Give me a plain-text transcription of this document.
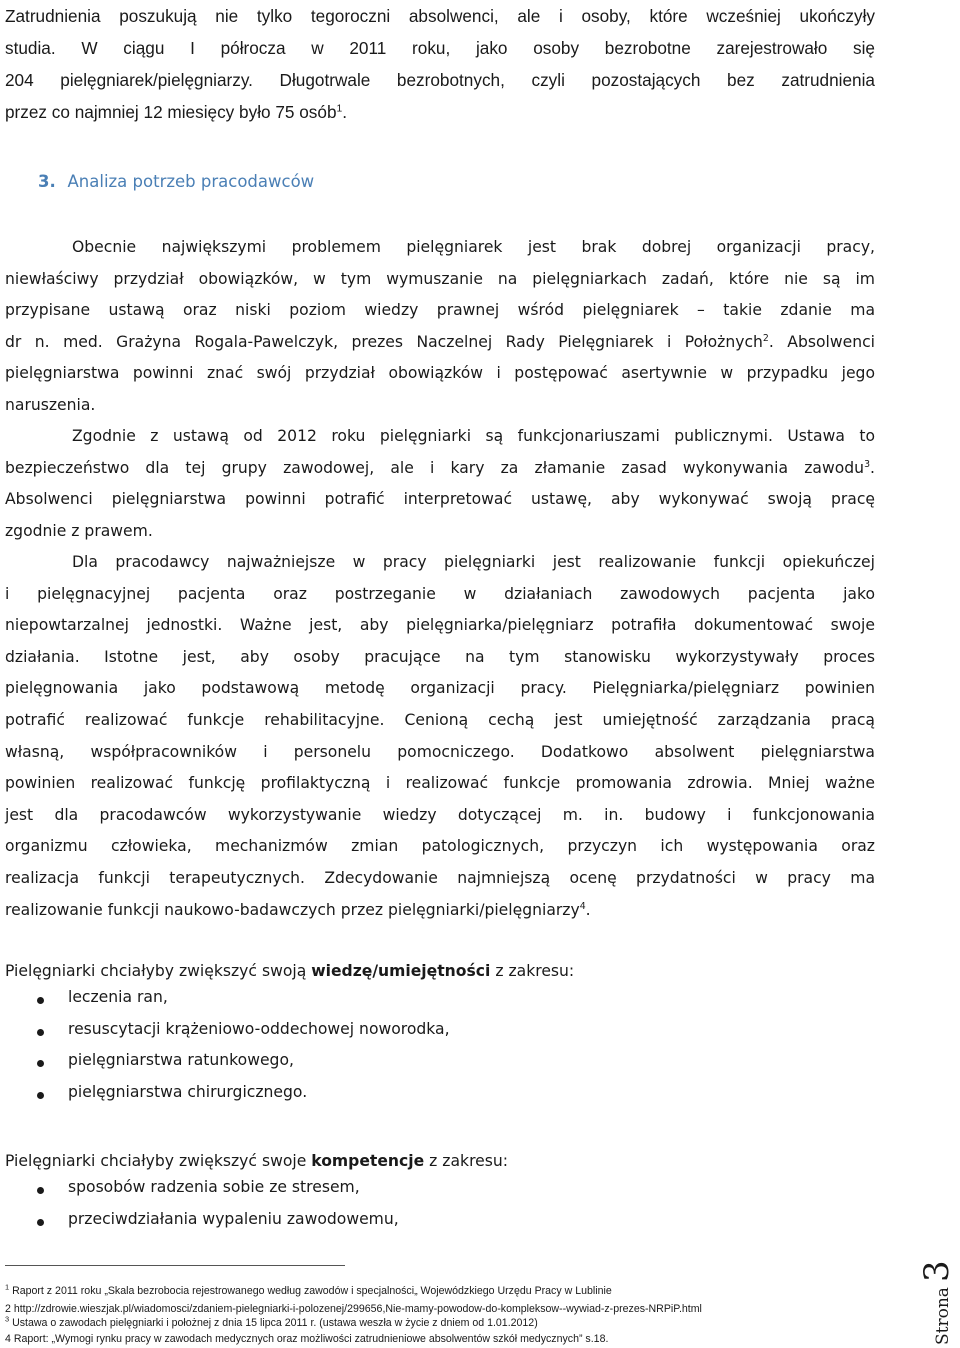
Zatrudnienia poszukują nie tylko tegoroczni absolwenci, ale i osoby, które wcześniej ukończyły

studia. W ciągu I półrocza w 2011 roku, jako osoby bezrobotne zarejestrowało się

204 pielęgniarek/pielęgniarzy. Długotrwale bezrobotnych, czyli pozostających bez zatrudnienia

przez co najmniej 12 miesięcy było 75 osób$^1$.

3. Analiza potrzeb pracodawców

Obecnie największymi problemem pielęgniarek jest brak dobrej organizacji pracy,

niewłaściwy przydział obowiązków, w tym wymuszanie na pielęgniarkach zadań, które nie są im

przypisane ustawą oraz niski poziom wiedzy prawnej wśród pielęgniarek – takie zdanie ma

dr n. med. Grażyna Rogala-Pawelczyk, prezes Naczelnej Rady Pielęgniarek i Położnych$^2$. Absolwenci

pielęgniarstwa powinni znać swój przydział obowiązków i postępować asertywnie w przypadku jego

naruszenia.

Zgodnie z ustawą od 2012 roku pielęgniarki są funkcjonariuszami publicznymi. Ustawa to

bezpieczeństwo dla tej grupy zawodowej, ale i kary za złamanie zasad wykonywania zawodu$^3$.

Absolwenci pielęgniarstwa powinni potrafić interpretować ustawę, aby wykonywać swoją pracę

zgodnie z prawem.

Dla pracodawcy najważniejsze w pracy pielęgniarki jest realizowanie funkcji opiekuńczej

i pielęgnacyjnej pacjenta oraz postrzeganie w działaniach zawodowych pacjenta jako

niepowtarzalnej jednostki. Ważne jest, aby pielęgniarka/pielęgniarz potrafiła dokumentować swoje

działania. Istotne jest, aby osoby pracujące na tym stanowisku wykorzystywały proces

pielęgnowania jako podstawową metodę organizacji pracy. Pielęgniarka/pielęgniarz powinien

potrafić realizować funkcje rehabilitacyjne. Cenioną cechą jest umiejętność zarządzania pracą

własną, współpracowników i personelu pomocniczego. Dodatkowo absolwent pielęgniarstwa

powinien realizować funkcję profilaktyczną i realizować funkcje promowania zdrowia. Mniej ważne

jest dla pracodawców wykorzystywanie wiedzy dotyczącej m. in. budowy i funkcjonowania

organizmu człowieka, mechanizmów zmian patologicznych, przyczyn ich występowania oraz

realizacja funkcji terapeutycznych. Zdecydowanie najmniejszą ocenę przydatności w pracy ma

realizowanie funkcji naukowo-badawczych przez pielęgniarki/pielęgniarzy$^4$.

Pielęgniarki chciałyby zwiększyć swoją wiedzę/umiejętności z zakresu:

leczenia ran,
resuscytacji krążeniowo-oddechowej noworodka,
pielęgniarstwa ratunkowego,
pielęgniarstwa chirurgicznego.

Pielęgniarki chciałyby zwiększyć swoje kompetencje z zakresu:

sposobów radzenia sobie ze stresem,
przeciwdziałania wypaleniu zawodowemu,
$^1$ Raport z 2011 roku „Skala bezrobocia rejestrowanego według zawodów i specjalności„ Wojewódzkiego Urzędu Pracy w Lublinie
2 http://zdrowie.wieszjak.pl/wiadomosci/zdaniem-pielegniarki-i-polozenej/299656,Nie-mamy-powodow-do-kompleksow--wywiad-z-prezes-NRPiP.html
$^3$ Ustawa o zawodach pielęgniarki i położnej z dnia 15 lipca 2011 r. (ustawa weszła w życie z dniem od 1.01.2012)
4 Raport: „Wymogi rynku pracy w zawodach medycznych oraz możliwości zatrudnieniowe absolwentów szkół medycznych” s.18.	Strona 3
